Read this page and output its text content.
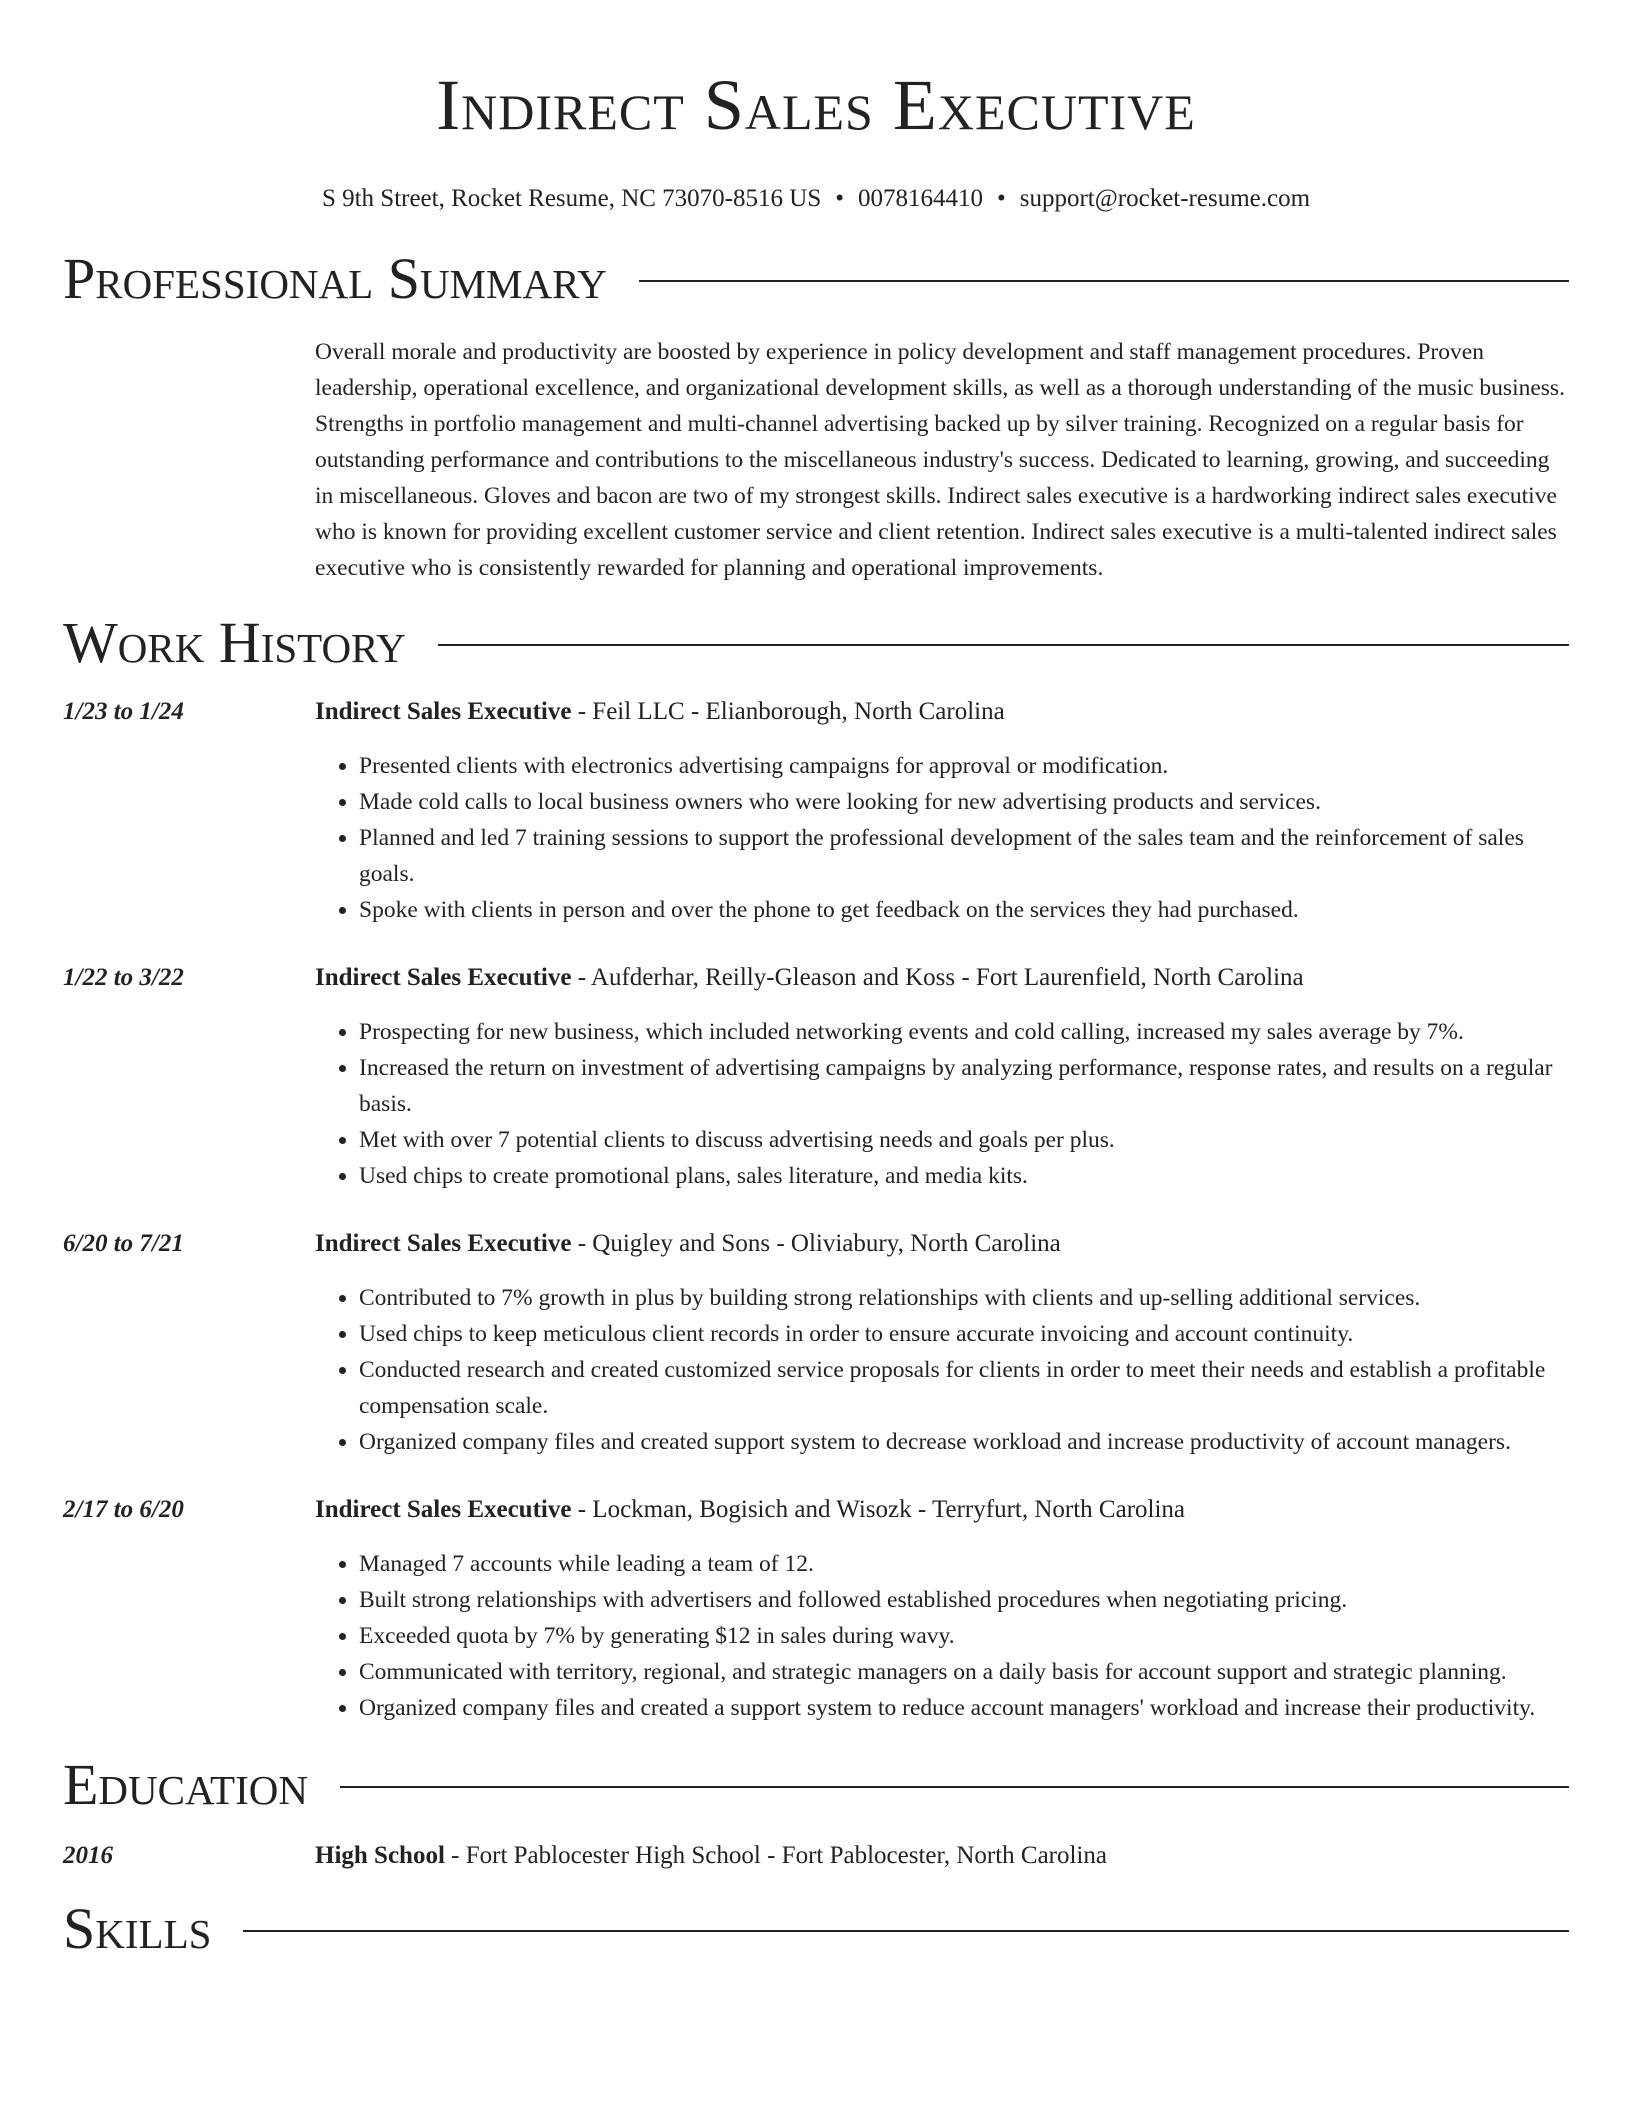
Indirect Sales Executive
S 9th Street, Rocket Resume, NC 73070-8516 US • 0078164410 • support@rocket-resume.com
Professional Summary
Overall morale and productivity are boosted by experience in policy development and staff management procedures. Proven leadership, operational excellence, and organizational development skills, as well as a thorough understanding of the music business. Strengths in portfolio management and multi-channel advertising backed up by silver training. Recognized on a regular basis for outstanding performance and contributions to the miscellaneous industry's success. Dedicated to learning, growing, and succeeding in miscellaneous. Gloves and bacon are two of my strongest skills. Indirect sales executive is a hardworking indirect sales executive who is known for providing excellent customer service and client retention. Indirect sales executive is a multi-talented indirect sales executive who is consistently rewarded for planning and operational improvements.
Work History
1/23 to 1/24	Indirect Sales Executive - Feil LLC - Elianborough, North Carolina
• Presented clients with electronics advertising campaigns for approval or modification.
• Made cold calls to local business owners who were looking for new advertising products and services.
• Planned and led 7 training sessions to support the professional development of the sales team and the reinforcement of sales goals.
• Spoke with clients in person and over the phone to get feedback on the services they had purchased.
1/22 to 3/22	Indirect Sales Executive - Aufderhar, Reilly-Gleason and Koss - Fort Laurenfield, North Carolina
• Prospecting for new business, which included networking events and cold calling, increased my sales average by 7%.
• Increased the return on investment of advertising campaigns by analyzing performance, response rates, and results on a regular basis.
• Met with over 7 potential clients to discuss advertising needs and goals per plus.
• Used chips to create promotional plans, sales literature, and media kits.
6/20 to 7/21	Indirect Sales Executive - Quigley and Sons - Oliviabury, North Carolina
• Contributed to 7% growth in plus by building strong relationships with clients and up-selling additional services.
• Used chips to keep meticulous client records in order to ensure accurate invoicing and account continuity.
• Conducted research and created customized service proposals for clients in order to meet their needs and establish a profitable compensation scale.
• Organized company files and created support system to decrease workload and increase productivity of account managers.
2/17 to 6/20	Indirect Sales Executive - Lockman, Bogisich and Wisozk - Terryfurt, North Carolina
• Managed 7 accounts while leading a team of 12.
• Built strong relationships with advertisers and followed established procedures when negotiating pricing.
• Exceeded quota by 7% by generating $12 in sales during wavy.
• Communicated with territory, regional, and strategic managers on a daily basis for account support and strategic planning.
• Organized company files and created a support system to reduce account managers' workload and increase their productivity.
Education
2016	High School - Fort Pablocester High School - Fort Pablocester, North Carolina
Skills
